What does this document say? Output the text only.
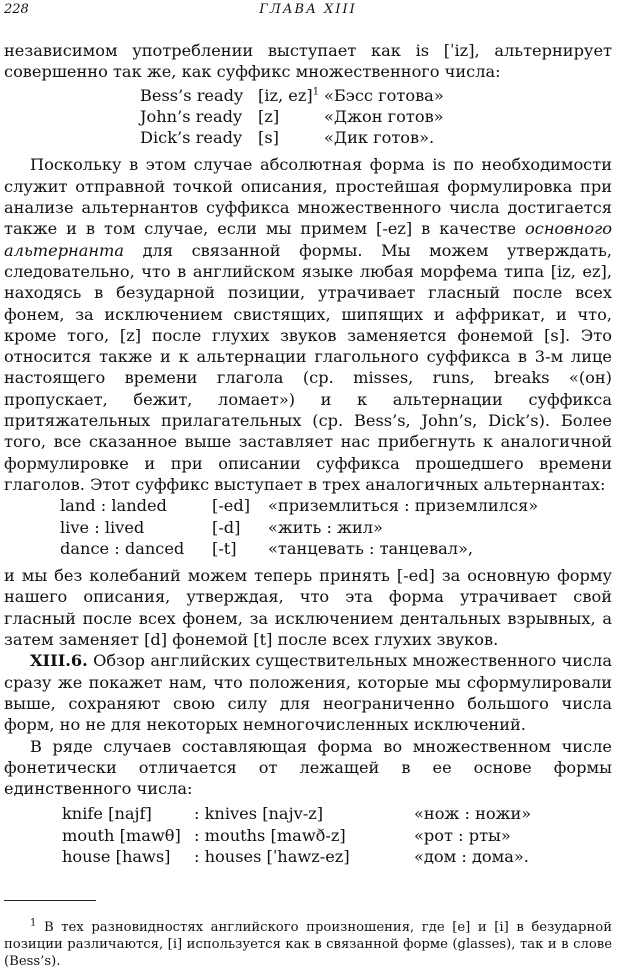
228	ГЛАВА XIII

независимом употреблении выступает как is [ˈiz], альтернирует совершенно так же, как суффикс множественного числа:

Bess’s ready [iz, ez]$^1$ «Бэсс готова»
John’s ready [z]	«Джон готов»
Dick’s ready [s]	«Дик готов».

Поскольку в этом случае абсолютная форма is по необходимости служит отправной точкой описания, простейшая формулировка при анализе альтернантов суффикса множественного числа достигается также и в том случае, если мы примем [-ez] в качестве основного альтернанта для связанной формы. Мы можем утверждать, следовательно, что в английском языке любая морфема типа [iz, ez], находясь в безударной позиции, утрачивает гласный после всех фонем, за исключением свистящих, шипящих и аффрикат, и что, кроме того, [z] после глухих звуков заменяется фонемой [s]. Это относится также и к альтернации глагольного суффикса в 3-м лице настоящего времени глагола (ср. misses, runs, breaks «(он) пропускает, бежит, ломает») и к альтернации суффикса притяжательных прилагательных (ср. Bess’s, John’s, Dick’s). Более того, все сказанное выше заставляет нас прибегнуть к аналогичной формулировке и при описании суффикса прошедшего времени глаголов. Этот суффикс выступает в трех аналогичных альтернантах:

land : landed	[-ed]	«приземлиться : приземлился»
live : lived	[-d]	«жить : жил»
dance : danced	[-t]	«танцевать : танцевал»,

и мы без колебаний можем теперь принять [-ed] за основную форму нашего описания, утверждая, что эта форма утрачивает свой гласный после всех фонем, за исключением дентальных взрывных, а затем заменяет [d] фонемой [t] после всех глухих звуков.

XIII.6. Обзор английских существительных множественного числа сразу же покажет нам, что положения, которые мы сформулировали выше, сохраняют свою силу для неограниченно большого числа форм, но не для некоторых немногочисленных исключений.

В ряде случаев составляющая форма во множественном числе фонетически отличается от лежащей в ее основе формы единственного числа:

knife [najf]	: knives [najv-z]	«нож : ножи»
mouth [mawθ] : mouths [mawð-z]	«рот : рты»
house [haws]	: houses [ˈhawz-ez]	«дом : дома».

$^1$ В тех разновидностях английского произношения, где [e] и [i] в безударной позиции различаются, [i] используется как в связанной форме (glasses), так и в слове (Bess’s).
